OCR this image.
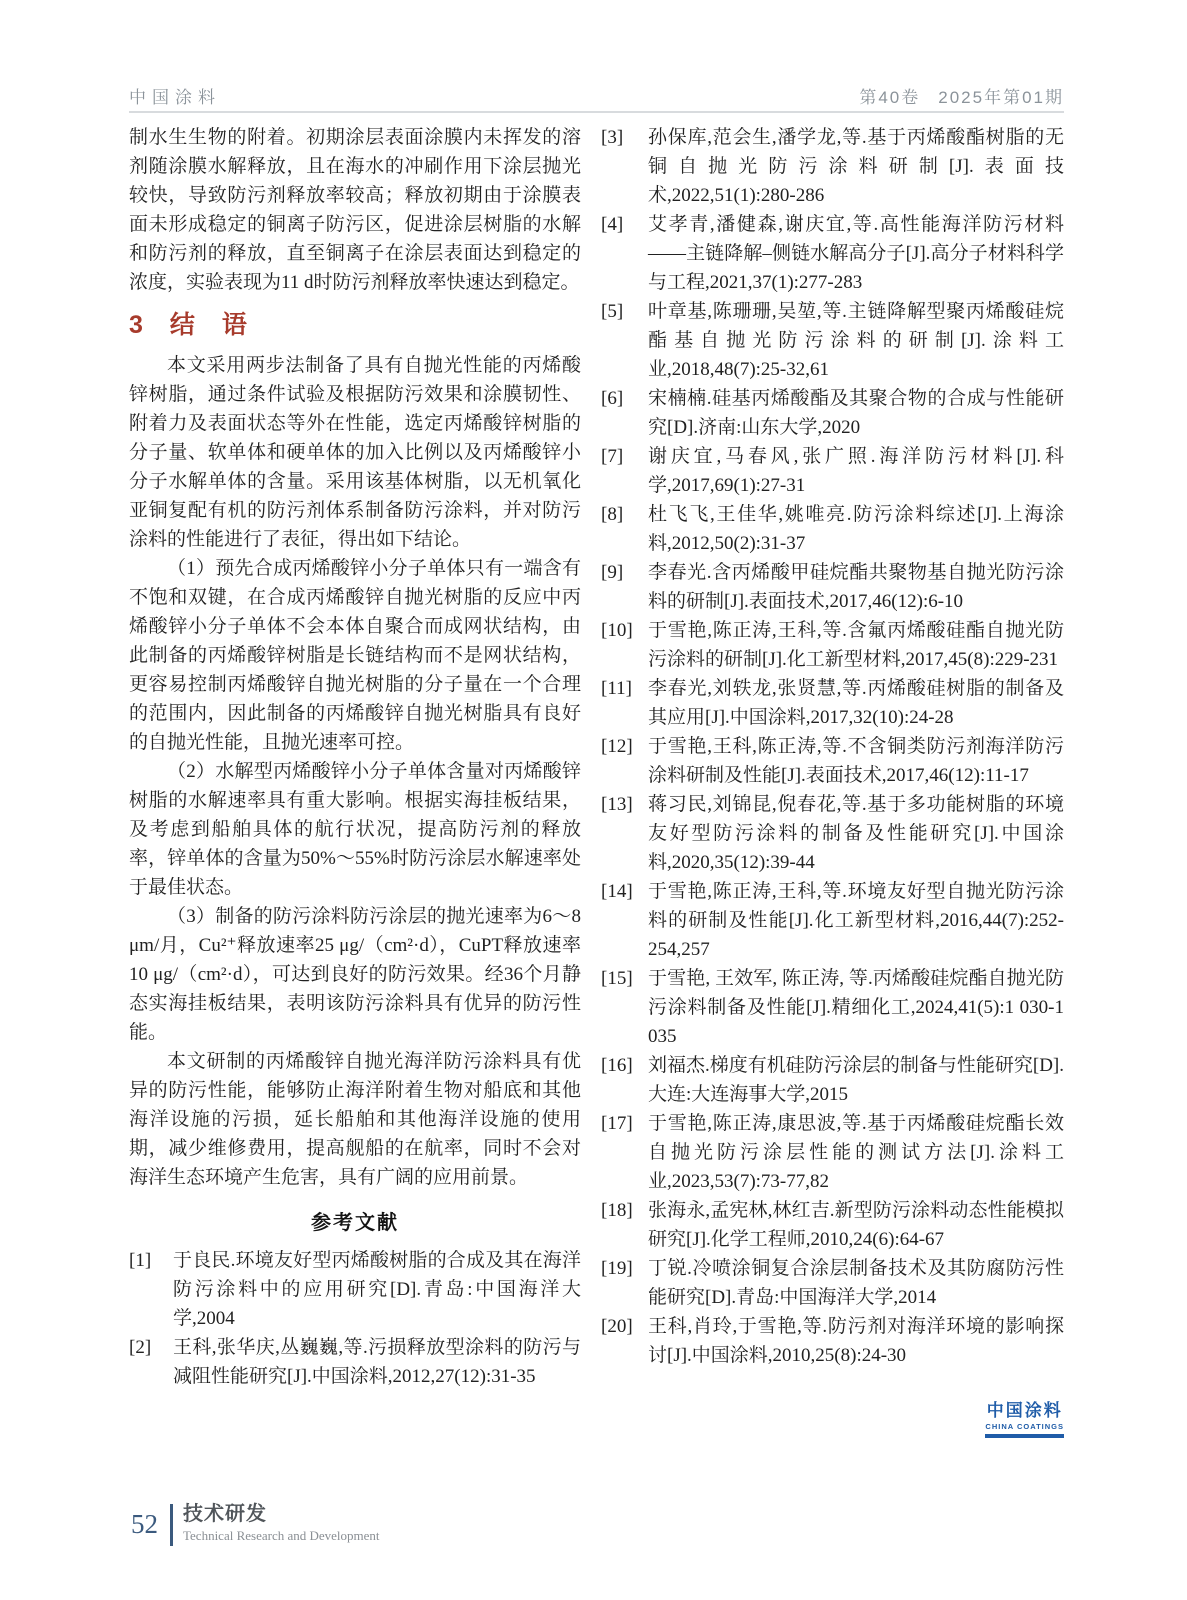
中国涂料	第40卷 2025年第01期

制水生生物的附着。初期涂层表面涂膜内未挥发的溶剂随涂膜水解释放，且在海水的冲刷作用下涂层抛光较快，导致防污剂释放率较高；释放初期由于涂膜表面未形成稳定的铜离子防污区，促进涂层树脂的水解和防污剂的释放，直至铜离子在涂层表面达到稳定的浓度，实验表现为11 d时防污剂释放率快速达到稳定。

3　结　语

本文采用两步法制备了具有自抛光性能的丙烯酸锌树脂，通过条件试验及根据防污效果和涂膜韧性、附着力及表面状态等外在性能，选定丙烯酸锌树脂的分子量、软单体和硬单体的加入比例以及丙烯酸锌小分子水解单体的含量。采用该基体树脂，以无机氧化亚铜复配有机的防污剂体系制备防污涂料，并对防污涂料的性能进行了表征，得出如下结论。

（1）预先合成丙烯酸锌小分子单体只有一端含有不饱和双键，在合成丙烯酸锌自抛光树脂的反应中丙烯酸锌小分子单体不会本体自聚合而成网状结构，由此制备的丙烯酸锌树脂是长链结构而不是网状结构，更容易控制丙烯酸锌自抛光树脂的分子量在一个合理的范围内，因此制备的丙烯酸锌自抛光树脂具有良好的自抛光性能，且抛光速率可控。

（2）水解型丙烯酸锌小分子单体含量对丙烯酸锌树脂的水解速率具有重大影响。根据实海挂板结果，及考虑到船舶具体的航行状况，提高防污剂的释放率，锌单体的含量为50%～55%时防污涂层水解速率处于最佳状态。

（3）制备的防污涂料防污涂层的抛光速率为6～8 μm/月，Cu²⁺释放速率25 μg/（cm²·d），CuPT释放速率10 μg/（cm²·d），可达到良好的防污效果。经36个月静态实海挂板结果，表明该防污涂料具有优异的防污性能。

本文研制的丙烯酸锌自抛光海洋防污涂料具有优异的防污性能，能够防止海洋附着生物对船底和其他海洋设施的污损，延长船舶和其他海洋设施的使用期，减少维修费用，提高舰船的在航率，同时不会对海洋生态环境产生危害，具有广阔的应用前景。

参考文献
[1]	于良民.环境友好型丙烯酸树脂的合成及其在海洋防污涂料中的应用研究[D].青岛:中国海洋大学,2004
[2]	王科,张华庆,丛巍巍,等.污损释放型涂料的防污与减阻性能研究[J].中国涂料,2012,27(12):31-35
[3]	孙保库,范会生,潘学龙,等.基于丙烯酸酯树脂的无铜自抛光防污涂料研制[J].表面技术,2022,51(1):280-286
[4]	艾孝青,潘健森,谢庆宜,等.高性能海洋防污材料——主链降解–侧链水解高分子[J].高分子材料科学与工程,2021,37(1):277-283
[5]	叶章基,陈珊珊,吴堃,等.主链降解型聚丙烯酸硅烷酯基自抛光防污涂料的研制[J].涂料工业,2018,48(7):25-32,61
[6]	宋楠楠.硅基丙烯酸酯及其聚合物的合成与性能研究[D].济南:山东大学,2020
[7]	谢庆宜,马春风,张广照.海洋防污材料[J].科学,2017,69(1):27-31
[8]	杜飞飞,王佳华,姚唯亮.防污涂料综述[J].上海涂料,2012,50(2):31-37
[9]	李春光.含丙烯酸甲硅烷酯共聚物基自抛光防污涂料的研制[J].表面技术,2017,46(12):6-10
[10] 于雪艳,陈正涛,王科,等.含氟丙烯酸硅酯自抛光防污涂料的研制[J].化工新型材料,2017,45(8):229-231
[11] 李春光,刘轶龙,张贤慧,等.丙烯酸硅树脂的制备及其应用[J].中国涂料,2017,32(10):24-28
[12] 于雪艳,王科,陈正涛,等.不含铜类防污剂海洋防污涂料研制及性能[J].表面技术,2017,46(12):11-17
[13] 蒋习民,刘锦昆,倪春花,等.基于多功能树脂的环境友好型防污涂料的制备及性能研究[J].中国涂料,2020,35(12):39-44
[14] 于雪艳,陈正涛,王科,等.环境友好型自抛光防污涂料的研制及性能[J].化工新型材料,2016,44(7):252-254,257
[15] 于雪艳, 王效军, 陈正涛, 等.丙烯酸硅烷酯自抛光防污涂料制备及性能[J].精细化工,2024,41(5):1 030-1 035
[16] 刘福杰.梯度有机硅防污涂层的制备与性能研究[D].大连:大连海事大学,2015
[17] 于雪艳,陈正涛,康思波,等.基于丙烯酸硅烷酯长效自抛光防污涂层性能的测试方法[J].涂料工业,2023,53(7):73-77,82
[18] 张海永,孟宪林,林红吉.新型防污涂料动态性能模拟研究[J].化学工程师,2010,24(6):64-67
[19] 丁锐.冷喷涂铜复合涂层制备技术及其防腐防污性能研究[D].青岛:中国海洋大学,2014
[20] 王科,肖玲,于雪艳,等.防污剂对海洋环境的影响探讨[J].中国涂料,2010,25(8):24-30
中国涂料
CHINA COATINGS
52 技术研发
Technical Research and Development
